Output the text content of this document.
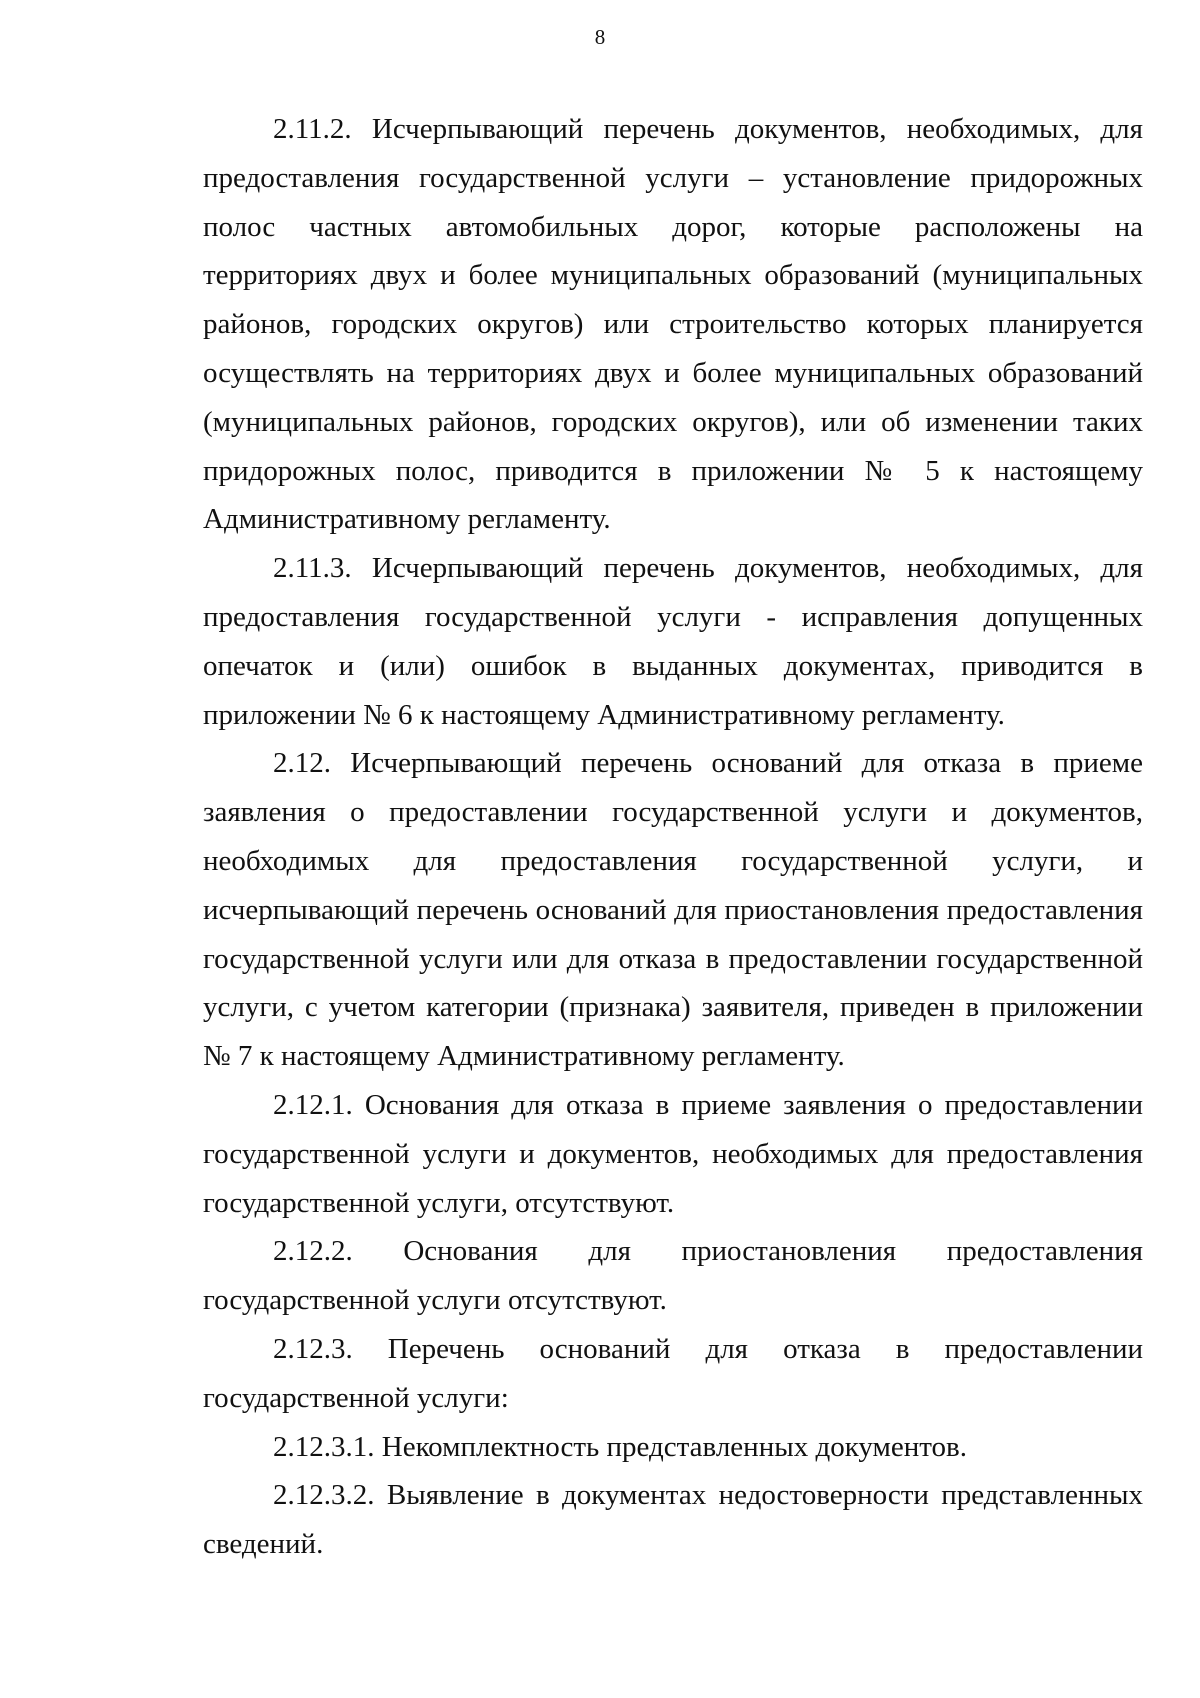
8

2.11.2. Исчерпывающий перечень документов, необходимых, для предоставления государственной услуги – установление придорожных полос частных автомобильных дорог, которые расположены на территориях двух и более муниципальных образований (муниципальных районов, городских округов) или строительство которых планируется осуществлять на территориях двух и более муниципальных образований (муниципальных районов, городских округов), или об изменении таких придорожных полос, приводится в приложении № 5 к настоящему Административному регламенту.

2.11.3. Исчерпывающий перечень документов, необходимых, для предоставления государственной услуги - исправления допущенных опечаток и (или) ошибок в выданных документах, приводится в приложении № 6 к настоящему Административному регламенту.

2.12. Исчерпывающий перечень оснований для отказа в приеме заявления о предоставлении государственной услуги и документов, необходимых для предоставления государственной услуги, и исчерпывающий перечень оснований для приостановления предоставления государственной услуги или для отказа в предоставлении государственной услуги, с учетом категории (признака) заявителя, приведен в приложении № 7 к настоящему Административному регламенту.

2.12.1. Основания для отказа в приеме заявления о предоставлении государственной услуги и документов, необходимых для предоставления государственной услуги, отсутствуют.

2.12.2. Основания для приостановления предоставления государственной услуги отсутствуют.

2.12.3. Перечень оснований для отказа в предоставлении государственной услуги:

2.12.3.1. Некомплектность представленных документов.

2.12.3.2. Выявление в документах недостоверности представленных сведений.
